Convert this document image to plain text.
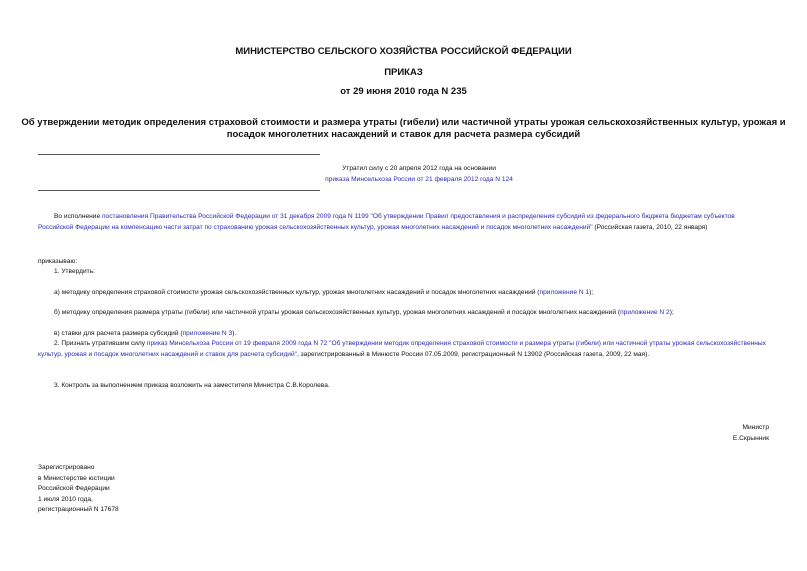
МИНИСТЕРСТВО СЕЛЬСКОГО ХОЗЯЙСТВА РОССИЙСКОЙ ФЕДЕРАЦИИ
ПРИКАЗ
от 29 июня 2010 года N 235
Об утверждении методик определения страховой стоимости и размера утраты (гибели) или частичной утраты урожая сельскохозяйственных культур, урожая и
посадок многолетних насаждений и ставок для расчета размера субсидий
Утратил силу с 20 апреля 2012 года на основании
приказа Минсельхоза России от 21 февраля 2012 года N 124
Во исполнение постановления Правительства Российской Федерации от 31 декабря 2009 года N 1199 "Об утверждении Правил предоставления и распределения субсидий из федерального бюджета бюджетам субъектов Российской Федерации на компенсацию части затрат по страхованию урожая сельскохозяйственных культур, урожая многолетних насаждений и посадок многолетних насаждений" (Российская газета, 2010, 22 января)
приказываю:
1. Утвердить:
а) методику определения страховой стоимости урожая сельскохозяйственных культур, урожая многолетних насаждений и посадок многолетних насаждений (приложение N 1);
б) методику определения размера утраты (гибели) или частичной утраты урожая сельскохозяйственных культур, урожая многолетних насаждений и посадок многолетних насаждений (приложение N 2);
в) ставки для расчета размера субсидий (приложение N 3).
2. Признать утратившим силу приказ Минсельхоза России от 19 февраля 2009 года N 72 "Об утверждении методик определения страховой стоимости и размера утраты (гибели) или частичной утраты урожая сельскохозяйственных культур, урожая и посадок многолетних насаждений и ставок для расчета субсидий", зарегистрированный в Минюсте России 07.05.2009, регистрационный N 13902 (Российская газета, 2009, 22 мая).
3. Контроль за выполнением приказа возложить на заместителя Министра С.В.Королева.
Министр
Е.Скрынник
Зарегистрировано
в Министерстве юстиции
Российской Федерации
1 июля 2010 года,
регистрационный N 17678
